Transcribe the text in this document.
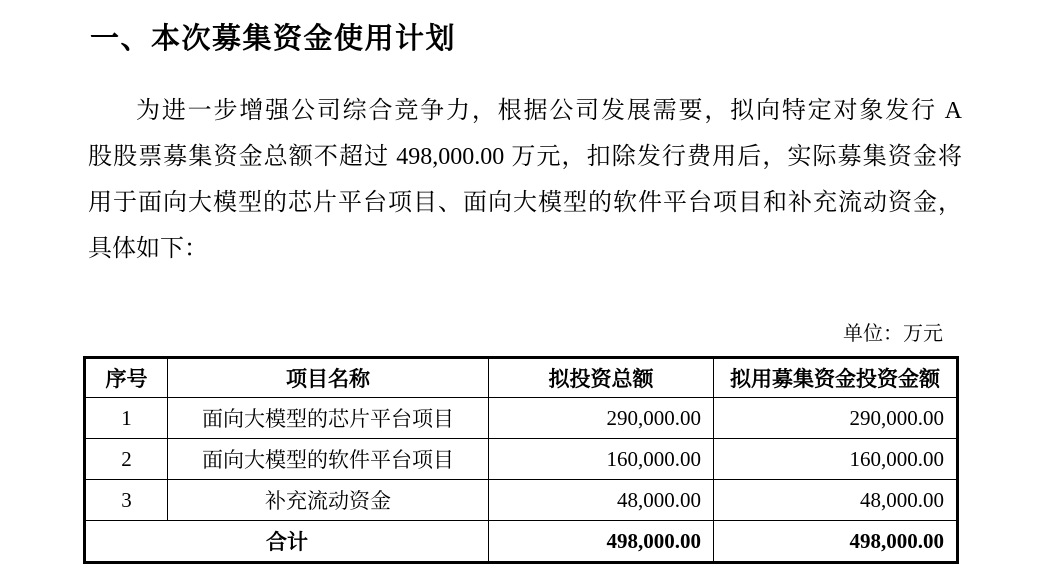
一、本次募集资金使用计划
为进一步增强公司综合竞争力，根据公司发展需要，拟向特定对象发行 A
股股票募集资金总额不超过 498,000.00 万元，扣除发行费用后，实际募集资金将
用于面向大模型的芯片平台项目、面向大模型的软件平台项目和补充流动资金，
具体如下：
单位：万元
序号	项目名称	拟投资总额	拟用募集资金投资金额
1	面向大模型的芯片平台项目	290,000.00	290,000.00
2	面向大模型的软件平台项目	160,000.00	160,000.00
3	补充流动资金	48,000.00	48,000.00
合计		498,000.00	498,000.00
